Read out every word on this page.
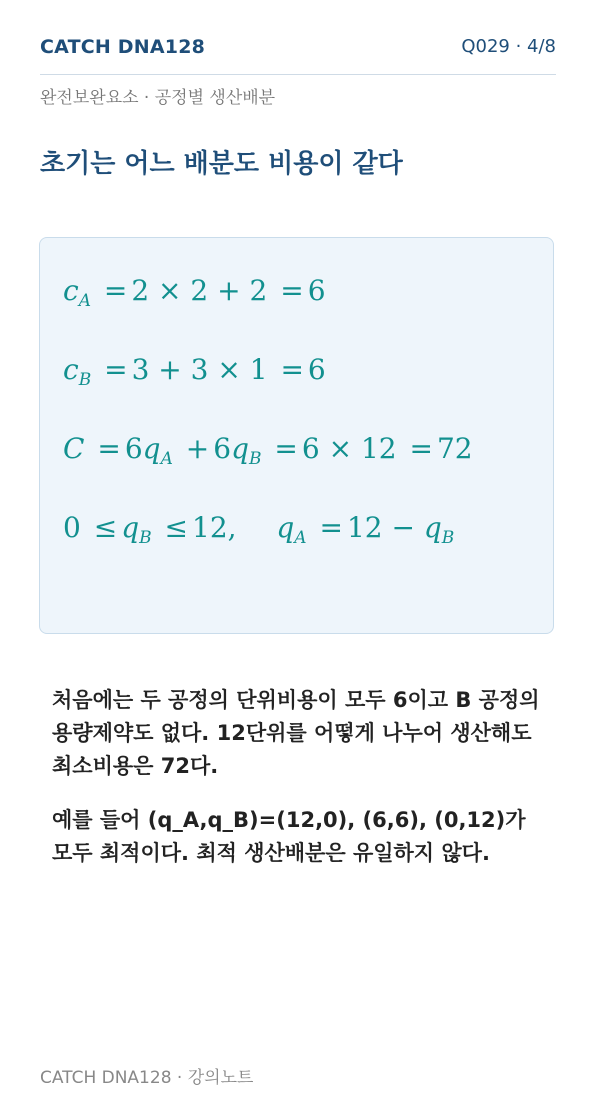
CATCH DNA128	Q029 · 4/8
완전보완요소 · 공정별 생산배분
초기는 어느 배분도 비용이 같다
$c_A = 2 \times 2 + 2 = 6$
$c_B = 3 + 3 \times 1 = 6$
$C = 6q_A + 6q_B = 6 \times 12 = 72$
$0 \le q_B \le 12$, $q_A = 12 - q_B$

처음에는 두 공정의 단위비용이 모두 6이고 B 공정의 용량제약도 없다. 12단위를 어떻게 나누어 생산해도 최소비용은 72다.

예를 들어 (q_A,q_B)=(12,0), (6,6), (0,12)가 모두 최적이다. 최적 생산배분은 유일하지 않다.

CATCH DNA128 · 강의노트
